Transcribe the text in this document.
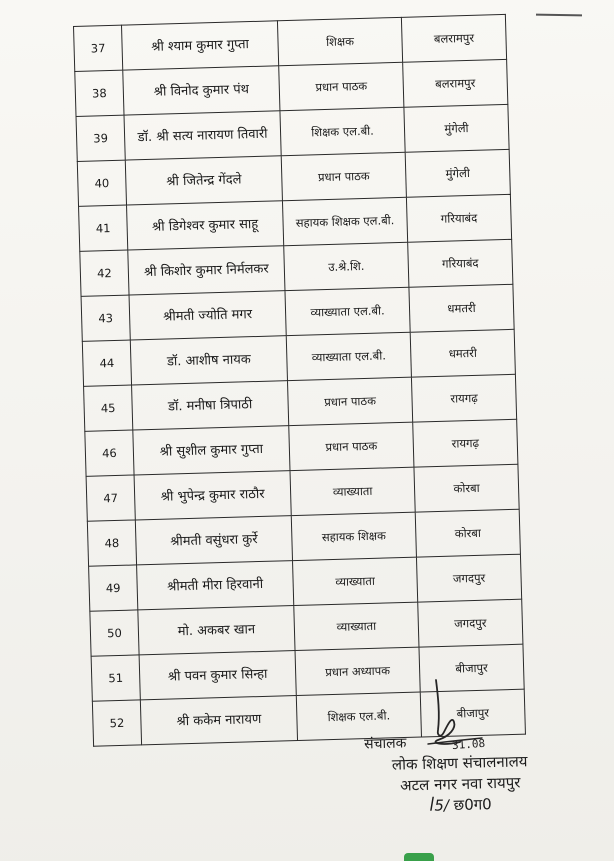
37	श्री श्याम कुमार गुप्ता	शिक्षक	बलरामपुर
38	श्री विनोद कुमार पंथ	प्रधान पाठक	बलरामपुर
39	डॉ. श्री सत्य नारायण तिवारी	शिक्षक एल.बी.	मुंगेली
40	श्री जितेन्द्र गेंदले	प्रधान पाठक	मुंगेली
41	श्री डिगेश्वर कुमार साहू	सहायक शिक्षक एल.बी.	गरियाबंद
42	श्री किशोर कुमार निर्मलकर	उ.श्रे.शि.	गरियाबंद
43	श्रीमती ज्योति मगर	व्याख्याता एल.बी.	धमतरी
44	डॉ. आशीष नायक	व्याख्याता एल.बी.	धमतरी
45	डॉ. मनीषा त्रिपाठी	प्रधान पाठक	रायगढ़
46	श्री सुशील कुमार गुप्ता	प्रधान पाठक	रायगढ़
47	श्री भुपेन्द्र कुमार राठौर	व्याख्याता	कोरबा
48	श्रीमती वसुंधरा कुर्रे	सहायक शिक्षक	कोरबा
49	श्रीमती मीरा हिरवानी	व्याख्याता	जगदपुर
50	मो. अकबर खान	व्याख्याता	जगदपुर
51	श्री पवन कुमार सिन्हा	प्रधान अध्यापक	बीजापुर
52	श्री ककेम नारायण	शिक्षक एल.बी.	बीजापुर
31.08
संचालक
लोक शिक्षण संचालनालय
अटल नगर नवा रायपुर
ꟾ5/ छ0ग0
